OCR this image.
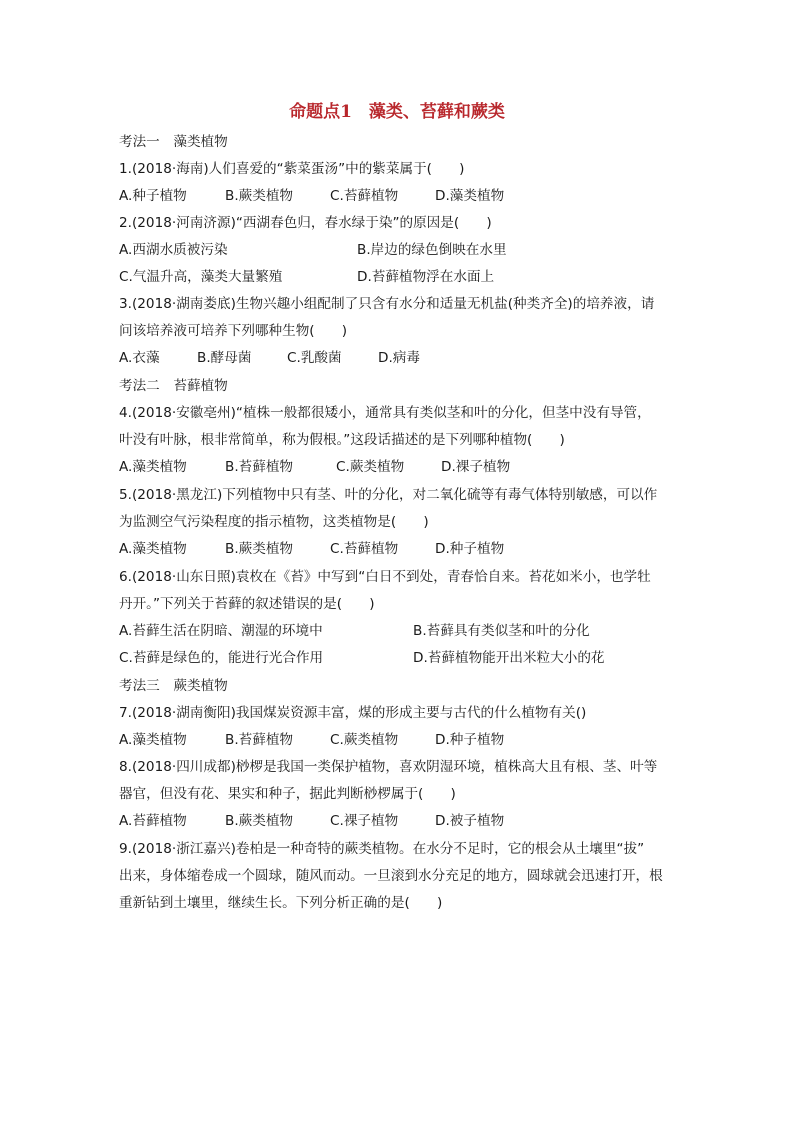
命题点1　藻类、苔藓和蕨类
考法一　藻类植物
1.(2018·海南)人们喜爱的“紫菜蛋汤”中的紫菜属于(　　)
A.种子植物	B.蕨类植物	C.苔藓植物	D.藻类植物
2.(2018·河南济源)“西湖春色归，春水绿于染”的原因是(　　)
A.西湖水质被污染	B.岸边的绿色倒映在水里
C.气温升高，藻类大量繁殖	D.苔藓植物浮在水面上
3.(2018·湖南娄底)生物兴趣小组配制了只含有水分和适量无机盐(种类齐全)的培养液，请
问该培养液可培养下列哪种生物(　　)
A.衣藻	B.酵母菌	C.乳酸菌	D.病毒
考法二　苔藓植物
4.(2018·安徽亳州)“植株一般都很矮小，通常具有类似茎和叶的分化，但茎中没有导管，
叶没有叶脉，根非常简单，称为假根。”这段话描述的是下列哪种植物(　　)
A.藻类植物	B.苔藓植物	C.蕨类植物	D.裸子植物
5.(2018·黑龙江)下列植物中只有茎、叶的分化，对二氧化硫等有毒气体特别敏感，可以作
为监测空气污染程度的指示植物，这类植物是(　　)
A.藻类植物	B.蕨类植物	C.苔藓植物	D.种子植物
6.(2018·山东日照)袁枚在《苔》中写到“白日不到处，青春恰自来。苔花如米小，也学牡
丹开。”下列关于苔藓的叙述错误的是(　　)
A.苔藓生活在阴暗、潮湿的环境中	B.苔藓具有类似茎和叶的分化
C.苔藓是绿色的，能进行光合作用	D.苔藓植物能开出米粒大小的花
考法三　蕨类植物
7.(2018·湖南衡阳)我国煤炭资源丰富，煤的形成主要与古代的什么植物有关()
A.藻类植物	B.苔藓植物	C.蕨类植物	D.种子植物
8.(2018·四川成都)桫椤是我国一类保护植物，喜欢阴湿环境，植株高大且有根、茎、叶等
器官，但没有花、果实和种子，据此判断桫椤属于(　　)
A.苔藓植物	B.蕨类植物	C.裸子植物	D.被子植物
9.(2018·浙江嘉兴)卷柏是一种奇特的蕨类植物。在水分不足时，它的根会从土壤里“拔”
出来，身体缩卷成一个圆球，随风而动。一旦滚到水分充足的地方，圆球就会迅速打开，根
重新钻到土壤里，继续生长。下列分析正确的是(　　)
